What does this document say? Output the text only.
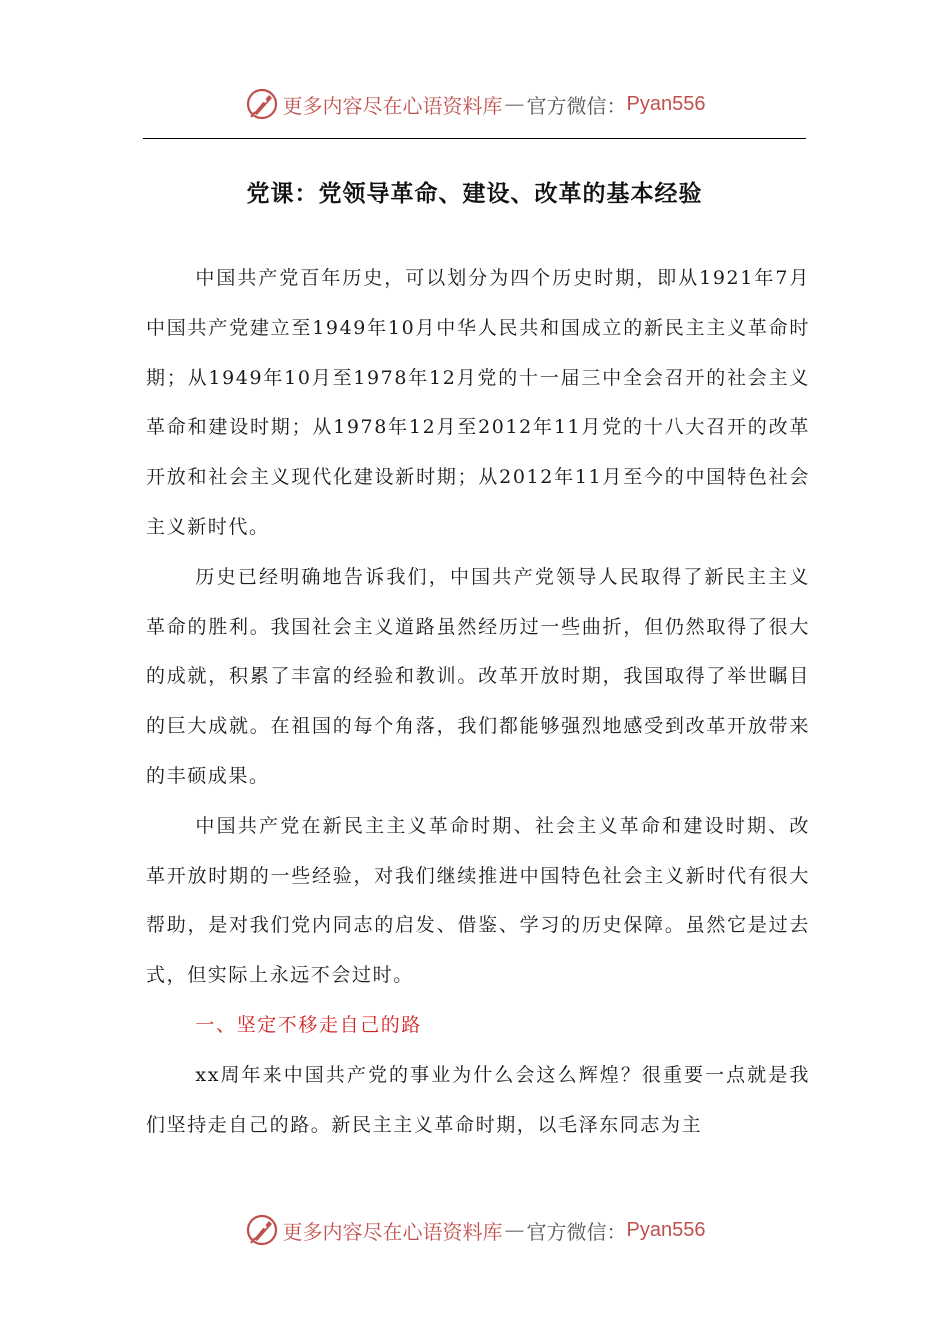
更多内容尽在心语资料库 — 官方微信： Pyan556
党课：党领导革命、建设、改革的基本经验

中国共产党百年历史，可以划分为四个历史时期，即从1921年7月中国共产党建立至1949年10月中华人民共和国成立的新民主主义革命时期；从1949年10月至1978年12月党的十一届三中全会召开的社会主义革命和建设时期；从1978年12月至2012年11月党的十八大召开的改革开放和社会主义现代化建设新时期；从2012年11月至今的中国特色社会主义新时代。

历史已经明确地告诉我们，中国共产党领导人民取得了新民主主义革命的胜利。我国社会主义道路虽然经历过一些曲折，但仍然取得了很大的成就，积累了丰富的经验和教训。改革开放时期，我国取得了举世瞩目的巨大成就。在祖国的每个角落，我们都能够强烈地感受到改革开放带来的丰硕成果。

中国共产党在新民主主义革命时期、社会主义革命和建设时期、改革开放时期的一些经验，对我们继续推进中国特色社会主义新时代有很大帮助，是对我们党内同志的启发、借鉴、学习的历史保障。虽然它是过去式，但实际上永远不会过时。

一、坚定不移走自己的路

xx周年来中国共产党的事业为什么会这么辉煌？很重要一点就是我们坚持走自己的路。新民主主义革命时期，以毛泽东同志为主

更多内容尽在心语资料库 — 官方微信： Pyan556
